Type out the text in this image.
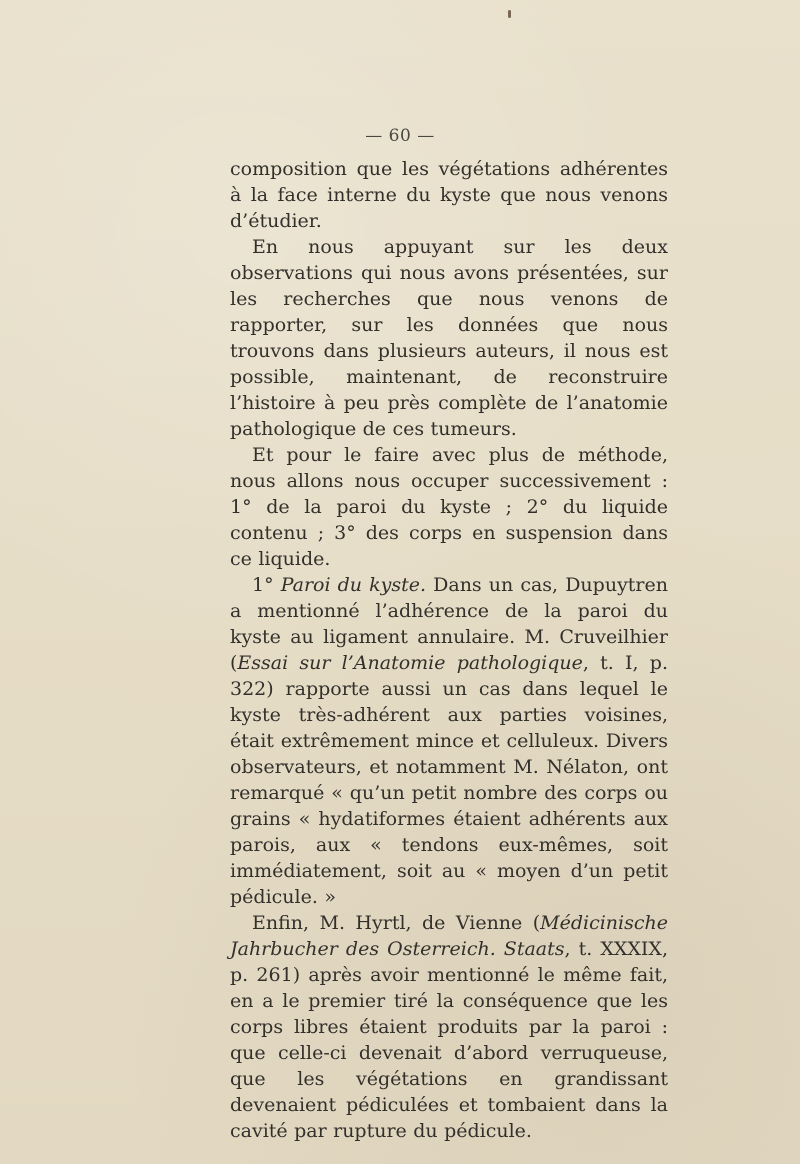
— 60 —

composition que les végétations adhérentes à la face interne du kyste que nous venons d’étudier.

En nous appuyant sur les deux observations qui nous avons présentées, sur les recherches que nous venons de rapporter, sur les données que nous trouvons dans plusieurs auteurs, il nous est possible, maintenant, de reconstruire l’histoire à peu près complète de l’anatomie pathologique de ces tumeurs.

Et pour le faire avec plus de méthode, nous allons nous occuper successivement : 1° de la paroi du kyste ; 2° du liquide contenu ; 3° des corps en suspension dans ce liquide.

1° Paroi du kyste. Dans un cas, Dupuytren a mentionné l’adhérence de la paroi du kyste au ligament annulaire. M. Cruveilhier (Essai sur l’Anatomie pathologique, t. I, p. 322) rapporte aussi un cas dans lequel le kyste très-adhérent aux parties voisines, était extrêmement mince et celluleux. Divers observateurs, et notamment M. Nélaton, ont remarqué « qu’un petit nombre des corps ou grains « hydatiformes étaient adhérents aux parois, aux « tendons eux-mêmes, soit immédiatement, soit au « moyen d’un petit pédicule. »

Enfin, M. Hyrtl, de Vienne (Médicinische Jahrbucher des Osterreich. Staats, t. XXXIX, p. 261) après avoir mentionné le même fait, en a le premier tiré la conséquence que les corps libres étaient produits par la paroi : que celle-ci devenait d’abord verruqueuse, que les végétations en grandissant devenaient pédiculées et tombaient dans la cavité par rupture du pédicule.
